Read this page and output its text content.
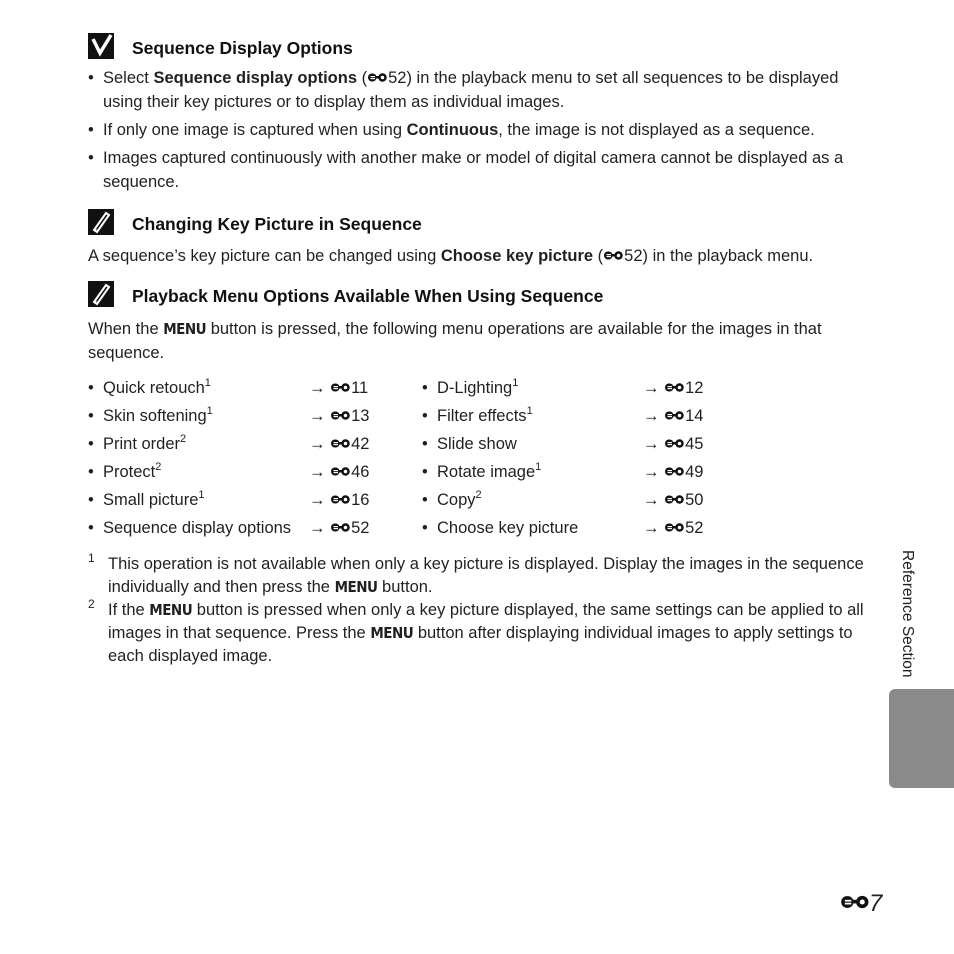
Sequence Display Options
• Select Sequence display options ( 52) in the playback menu to set all sequences to be displayed using their key pictures or to display them as individual images.
• If only one image is captured when using Continuous, the image is not displayed as a sequence.
• Images captured continuously with another make or model of digital camera cannot be displayed as a sequence.
Changing Key Picture in Sequence

A sequence’s key picture can be changed using Choose key picture ( 52) in the playback menu.

Playback Menu Options Available When Using Sequence

When the MENU button is pressed, the following menu operations are available for the images in that sequence.

• Quick retouch$^1$	→ 11	• D-Lighting$^1$	→ 12
• Skin softening$^1$	→ 13	• Filter effects$^1$	→ 14
• Print order$^2$	→ 42	• Slide show	→ 45
• Protect$^2$	→ 46	• Rotate image$^1$	→ 49
• Small picture$^1$	→ 16	• Copy$^2$	→ 50
• Sequence display options → 52	• Choose key picture	→ 52
1 This operation is not available when only a key picture is displayed. Display the images in the sequence individually and then press the MENU button.
2 If the MENU button is pressed when only a key picture displayed, the same settings can be applied to all images in that sequence. Press the MENU button after displaying individual images to apply settings to each displayed image.	Reference Section
7
